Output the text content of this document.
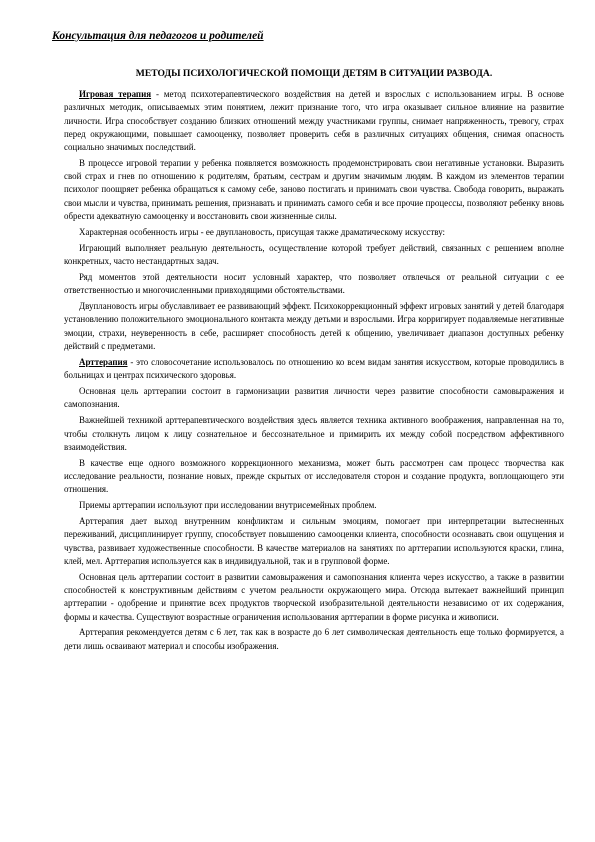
Консультация для педагогов и родителей
МЕТОДЫ ПСИХОЛОГИЧЕСКОЙ ПОМОЩИ ДЕТЯМ В СИТУАЦИИ РАЗВОДА.

Игровая терапия - метод психотерапевтического воздействия на детей и взрослых с использованием игры. В основе различных методик, описываемых этим понятием, лежит признание того, что игра оказывает сильное влияние на развитие личности. Игра способствует созданию близких отношений между участниками группы, снимает напряженность, тревогу, страх перед окружающими, повышает самооценку, позволяет проверить себя в различных ситуациях общения, снимая опасность социально значимых последствий.

В процессе игровой терапии у ребенка появляется возможность продемонстрировать свои негативные установки. Выразить свой страх и гнев по отношению к родителям, братьям, сестрам и другим значимым людям. В каждом из элементов терапии психолог поощряет ребенка обращаться к самому себе, заново постигать и принимать свои чувства. Свобода говорить, выражать свои мысли и чувства, принимать решения, признавать и принимать самого себя и все прочие процессы, позволяют ребенку вновь обрести адекватную самооценку и восстановить свои жизненные силы.

Характерная особенность игры - ее двуплановость, присущая также драматическому искусству:

Играющий выполняет реальную деятельность, осуществление которой требует действий, связанных с решением вполне конкретных, часто нестандартных задач.

Ряд моментов этой деятельности носит условный характер, что позволяет отвлечься от реальной ситуации с ее ответственностью и многочисленными привходящими обстоятельствами.

Двуплановость игры обуславливает ее развивающий эффект. Психокоррекционный эффект игровых занятий у детей благодаря установлению положительного эмоционального контакта между детьми и взрослыми. Игра корригирует подавляемые негативные эмоции, страхи, неуверенность в себе, расширяет способность детей к общению, увеличивает диапазон доступных ребенку действий с предметами.

Арттерапия - это словосочетание использовалось по отношению ко всем видам занятия искусством, которые проводились в больницах и центрах психического здоровья.

Основная цель арттерапии состоит в гармонизации развития личности через развитие способности самовыражения и самопознания.

Важнейшей техникой арттерапевтического воздействия здесь является техника активного воображения, направленная на то, чтобы столкнуть лицом к лицу сознательное и бессознательное и примирить их между собой посредством аффективного взаимодействия.

В качестве еще одного возможного коррекционного механизма, может быть рассмотрен сам процесс творчества как исследование реальности, познание новых, прежде скрытых от исследователя сторон и создание продукта, воплощающего эти отношения.

Приемы арттерапии используют при исследовании внутрисемейных проблем.

Арттерапия дает выход внутренним конфликтам и сильным эмоциям, помогает при интерпретации вытесненных переживаний, дисциплинирует группу, способствует повышению самооценки клиента, способности осознавать свои ощущения и чувства, развивает художественные способности. В качестве материалов на занятиях по арттерапии используются краски, глина, клей, мел. Арттерапия используется как в индивидуальной, так и в групповой форме.

Основная цель арттерапии состоит в развитии самовыражения и самопознания клиента через искусство, а также в развитии способностей к конструктивным действиям с учетом реальности окружающего мира. Отсюда вытекает важнейший принцип арттерапии - одобрение и принятие всех продуктов творческой изобразительной деятельности независимо от их содержания, формы и качества. Существуют возрастные ограничения использования арттерапии в форме рисунка и живописи.

Арттерапия рекомендуется детям с 6 лет, так как в возрасте до 6 лет символическая деятельность еще только формируется, а дети лишь осваивают материал и способы изображения.
